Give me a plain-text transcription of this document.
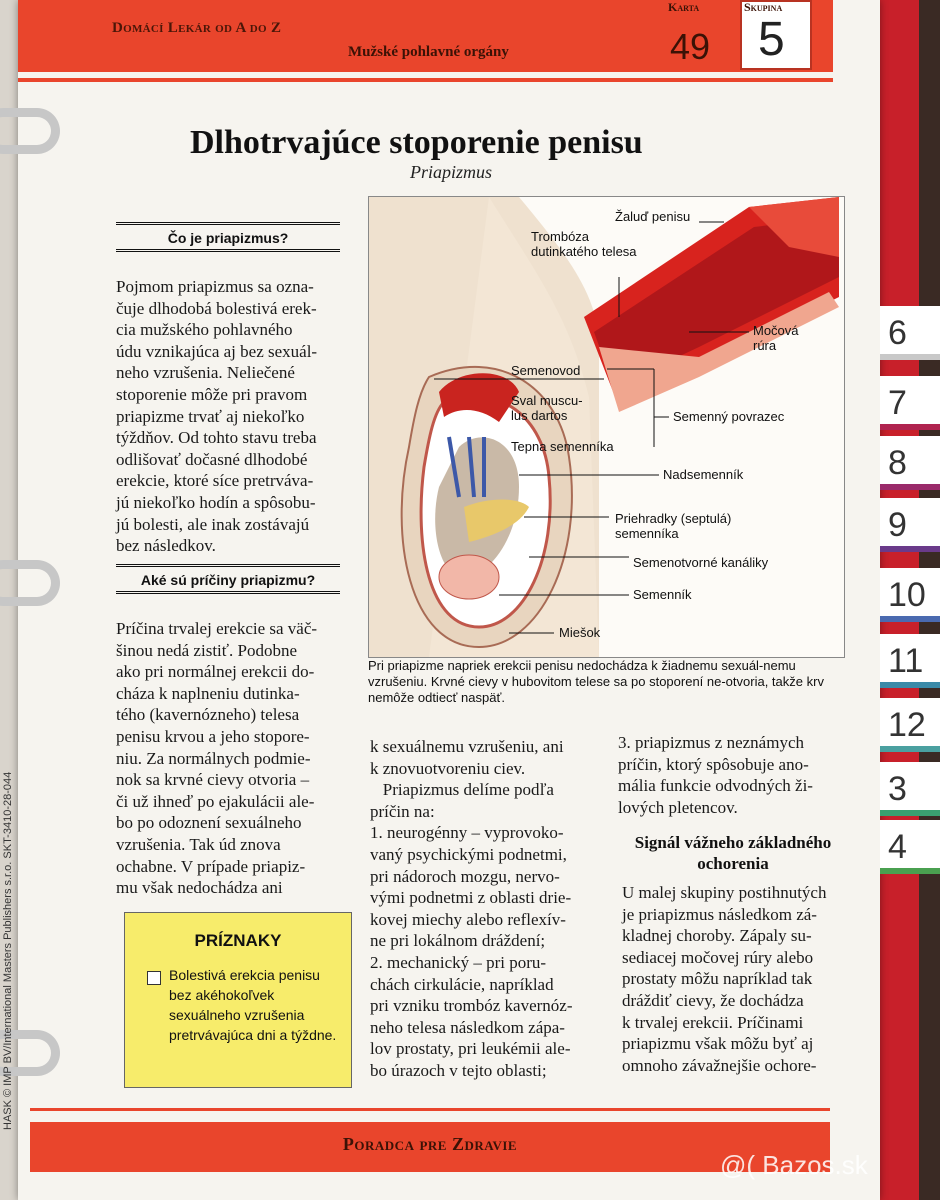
6
7
8
9
10
11
12
3
4
Domácí Lekár od A do Z
Mužské pohlavné orgány
Karta
49
Skupina
5
Dlhotrvajúce stoporenie penisu
Priapizmus
Čo je priapizmus?
Pojmom priapizmus sa ozna-
čuje dlhodobá bolestivá erek-
cia mužského pohlavného
údu vznikajúca aj bez sexuál-
neho vzrušenia. Neliečené
stoporenie môže pri pravom
priapizme trvať aj niekoľko
týždňov. Od tohto stavu treba
odlišovať dočasné dlhodobé
erekcie, ktoré síce pretrváva-
jú niekoľko hodín a spôsobu-
jú bolesti, ale inak zostávajú
bez následkov.
Aké sú príčiny priapizmu?
Príčina trvalej erekcie sa väč-
šinou nedá zistiť. Podobne
ako pri normálnej erekcii do-
cháza k naplneniu dutinka-
tého (kavernózneho) telesa
penisu krvou a jeho stopore-
niu. Za normálnych podmie-
nok sa krvné cievy otvoria –
či už ihneď po ejakulácii ale-
bo po odoznení sexuálneho
vzrušenia. Tak úd znova
ochabne. V prípade priapiz-
mu však nedochádza ani
k sexuálnemu vzrušeniu, ani
k znovuotvoreniu ciev.
Priapizmus delíme podľa
príčin na:
1. neurogénny – vyprovoko-
vaný psychickými podnetmi,
pri nádoroch mozgu, nervo-
vými podnetmi z oblasti drie-
kovej miechy alebo reflexív-
ne pri lokálnom dráždení;
2. mechanický – pri poru-
chách cirkulácie, napríklad
pri vzniku trombóz kavernóz-
neho telesa následkom zápa-
lov prostaty, pri leukémii ale-
bo úrazoch v tejto oblasti;
3. priapizmus z neznámych
príčin, ktorý spôsobuje ano-
mália funkcie odvodných ži-
lových pletencov.
Signál vážneho základného ochorenia
U malej skupiny postihnutých
je priapizmus následkom zá-
kladnej choroby. Zápaly su-
sediacej močovej rúry alebo
prostaty môžu napríklad tak
dráždiť cievy, že dochádza
k trvalej erekcii. Príčinami
priapizmu však môžu byť aj
omnoho závažnejšie ochore-
Žaluď penisu
Trombóza
dutinkatého telesa
Močová
rúra
Semenovod
Sval muscu-
lus dartos	Semenný povrazec
Tepna semenníka
Nadsemenník
Priehradky (septulá)
semenníka
Semenotvorné kanáliky
Semenník
Miešok
Pri priapizme napriek erekcii penisu nedochádza k žiadnemu sexuál-nemu vzrušeniu. Krvné cievy v hubovitom telese sa po stoporení ne-otvoria, takže krv nemôže odtiecť naspäť.
PRÍZNAKY
Bolestivá erekcia penisu bez akéhokoľvek sexuálneho vzrušenia pretrvávajúca dni a týždne.
Poradca pre Zdravie
HASK © IMP BV/International Masters Publishers s.r.o. SKT-3410-28-044
@( Bazos.sk
